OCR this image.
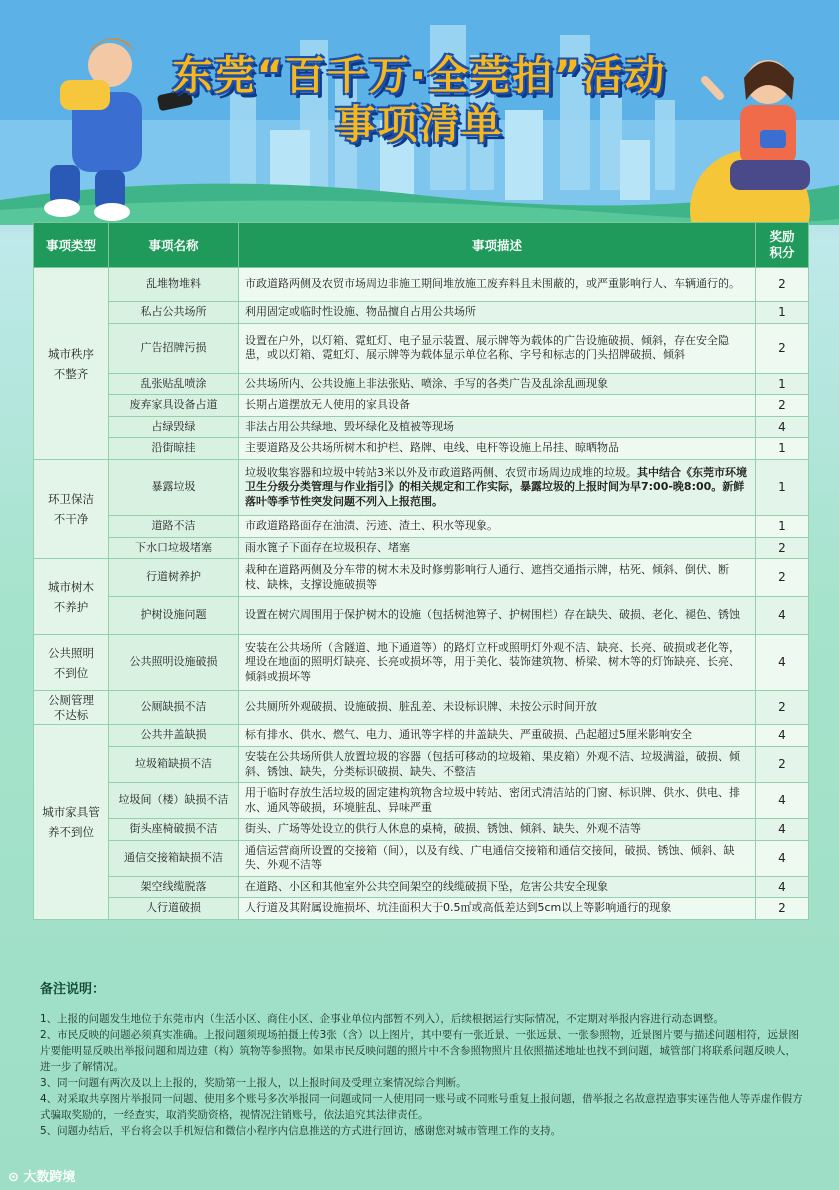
东莞“百千万·全莞拍”活动
事项清单
事项类型	事项名称	事项描述	奖励积分
城市秩序不整齐	乱堆物堆料	市政道路两侧及农贸市场周边非施工期间堆放施工废弃料且未围蔽的，或严重影响行人、车辆通行的。	2
	私占公共场所	利用固定或临时性设施、物品擅自占用公共场所	1
	广告招牌污损	设置在户外，以灯箱、霓虹灯、电子显示装置、展示牌等为载体的广告设施破损、倾斜，存在安全隐患，或以灯箱、霓虹灯、展示牌等为载体显示单位名称、字号和标志的门头招牌破损、倾斜	2
	乱张贴乱喷涂	公共场所内、公共设施上非法张贴、喷涂、手写的各类广告及乱涂乱画现象	1
	废弃家具设备占道	长期占道摆放无人使用的家具设备	2
	占绿毁绿	非法占用公共绿地、毁坏绿化及植被等现场	4
	沿街晾挂	主要道路及公共场所树木和护栏、路牌、电线、电杆等设施上吊挂、晾晒物品	1
环卫保洁不干净	暴露垃圾	垃圾收集容器和垃圾中转站3米以外及市政道路两侧、农贸市场周边成堆的垃圾。其中结合《东莞市环境卫生分级分类管理与作业指引》的相关规定和工作实际，暴露垃圾的上报时间为早7:00-晚8:00。新鲜落叶等季节性突发问题不列入上报范围。	1
	道路不洁	市政道路路面存在油渍、污迹、渣土、积水等现象。	1
	下水口垃圾堵塞	雨水篦子下面存在垃圾积存、堵塞	2
城市树木不养护	行道树养护	栽种在道路两侧及分车带的树木未及时修剪影响行人通行、遮挡交通指示牌，枯死、倾斜、倒伏、断枝、缺株，支撑设施破损等	2
	护树设施问题	设置在树穴周围用于保护树木的设施（包括树池箅子、护树围栏）存在缺失、破损、老化、褪色、锈蚀	4
公共照明不到位	公共照明设施破损	安装在公共场所（含隧道、地下通道等）的路灯立杆或照明灯外观不洁、缺亮、长亮、破损或老化等，埋设在地面的照明灯缺亮、长亮或损坏等，用于美化、装饰建筑物、桥梁、树木等的灯饰缺亮、长亮、倾斜或损坏等	4
公厕管理不达标	公厕缺损不洁	公共厕所外观破损、设施破损、脏乱差、未设标识牌、未按公示时间开放	2
城市家具管养不到位	公共井盖缺损	标有排水、供水、燃气、电力、通讯等字样的井盖缺失、严重破损、凸起超过5厘米影响安全	4
	垃圾箱缺损不洁	安装在公共场所供人放置垃圾的容器（包括可移动的垃圾箱、果皮箱）外观不洁、垃圾满溢，破损、倾斜、锈蚀、缺失，分类标识破损、缺失、不整洁	2
	垃圾间（楼）缺损不洁	用于临时存放生活垃圾的固定建构筑物含垃圾中转站、密闭式清洁站的门窗、标识牌、供水、供电、排水、通风等破损，环境脏乱、异味严重	4
	街头座椅破损不洁	街头、广场等处设立的供行人休息的桌椅，破损、锈蚀、倾斜、缺失、外观不洁等	4
	通信交接箱缺损不洁	通信运营商所设置的交接箱（间），以及有线、广电通信交接箱和通信交接间，破损、锈蚀、倾斜、缺失、外观不洁等	4
	架空线缆脱落	在道路、小区和其他室外公共空间架空的线缆破损下坠，危害公共安全现象	4
	人行道破损	人行道及其附属设施损坏、坑洼面积大于0.5㎡或高低差达到5cm以上等影响通行的现象	2
备注说明：
1、上报的问题发生地位于东莞市内（生活小区、商住小区、企事业单位内部暂不列入），后续根据运行实际情况，不定期对举报内容进行动态调整。
2、市民反映的问题必须真实准确。上报问题须现场拍摄上传3张（含）以上图片，其中要有一张近景、一张远景、一张参照物，近景图片要与描述问题相符，远景图片要能明显反映出举报问题和周边建（构）筑物等参照物。如果市民反映问题的照片中不含参照物照片且依照描述地址也找不到问题，城管部门将联系问题反映人，进一步了解情况。
3、同一问题有两次及以上上报的，奖励第一上报人，以上报时间及受理立案情况综合判断。
4、对采取共享图片举报同一问题、使用多个账号多次举报同一问题或同一人使用同一账号或不同账号重复上报问题，借举报之名故意捏造事实诬告他人等弄虚作假方式骗取奖励的，一经查实，取消奖励资格，视情况注销账号，依法追究其法律责任。
5、问题办结后，平台将会以手机短信和微信小程序内信息推送的方式进行回访，感谢您对城市管理工作的支持。
⊙ 大数跨境
